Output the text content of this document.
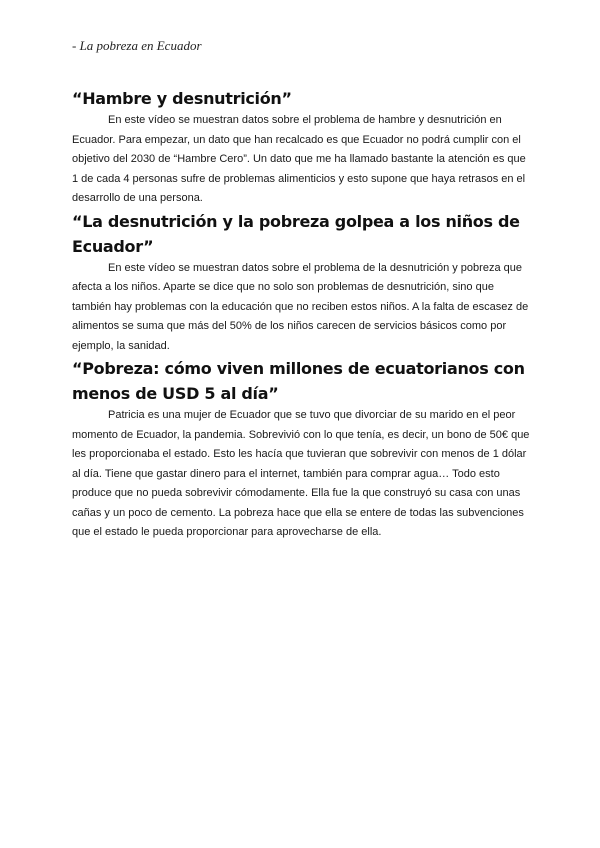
- La pobreza en Ecuador
“Hambre y desnutrición”

En este vídeo se muestran datos sobre el problema de hambre y desnutrición en Ecuador. Para empezar, un dato que han recalcado es que Ecuador no podrá cumplir con el objetivo del 2030 de “Hambre Cero”. Un dato que me ha llamado bastante la atención es que 1 de cada 4 personas sufre de problemas alimenticios y esto supone que haya retrasos en el desarrollo de una persona.

“La desnutrición y la pobreza golpea a los niños de Ecuador”

En este vídeo se muestran datos sobre el problema de la desnutrición y pobreza que afecta a los niños. Aparte se dice que no solo son problemas de desnutrición, sino que también hay problemas con la educación que no reciben estos niños. A la falta de escasez de alimentos se suma que más del 50% de los niños carecen de servicios básicos como por ejemplo, la sanidad.

“Pobreza: cómo viven millones de ecuatorianos con menos de USD 5 al día”

Patricia es una mujer de Ecuador que se tuvo que divorciar de su marido en el peor momento de Ecuador, la pandemia. Sobrevivió con lo que tenía, es decir, un bono de 50€ que les proporcionaba el estado. Esto les hacía que tuvieran que sobrevivir con menos de 1 dólar al día. Tiene que gastar dinero para el internet, también para comprar agua… Todo esto produce que no pueda sobrevivir cómodamente. Ella fue la que construyó su casa con unas cañas y un poco de cemento. La pobreza hace que ella se entere de todas las subvenciones que el estado le pueda proporcionar para aprovecharse de ella.
